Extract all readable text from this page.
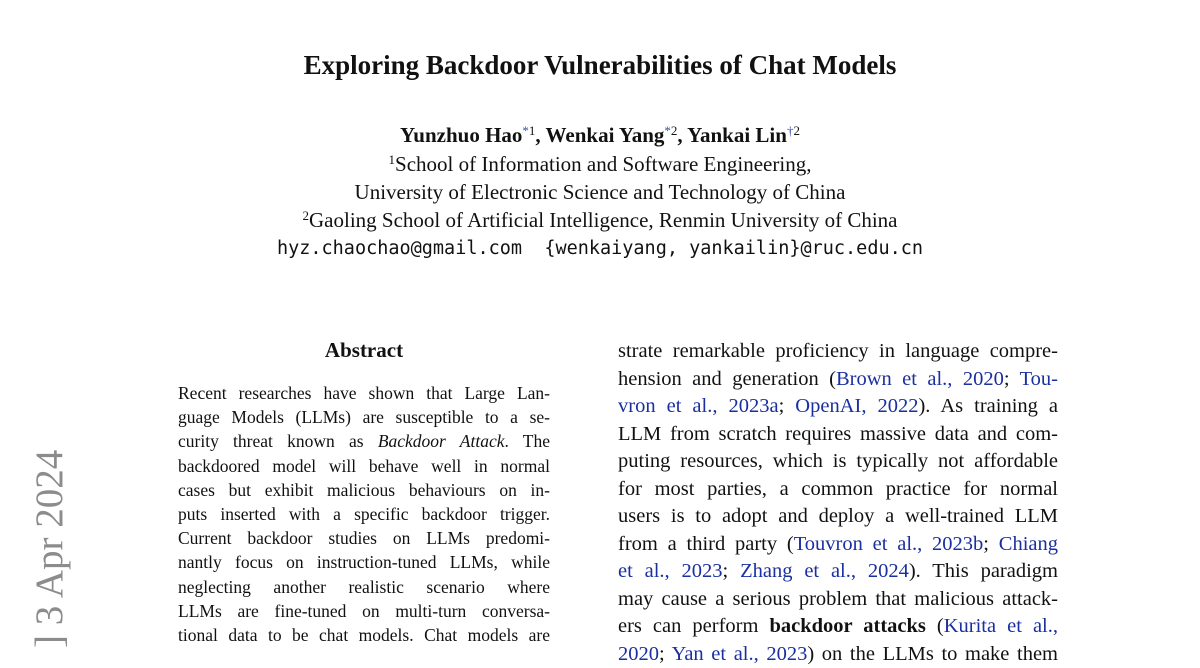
] 3 Apr 2024
Exploring Backdoor Vulnerabilities of Chat Models
Yunzhuo Hao$^{*1}$, Wenkai Yang$^{*2}$, Yankai Lin$^{\dagger 2}$
$^1$School of Information and Software Engineering,
University of Electronic Science and Technology of China
$^2$Gaoling School of Artificial Intelligence, Renmin University of China
hyz.chaochao@gmail.com {wenkaiyang, yankailin}@ruc.edu.cn
Abstract
Recent researches have shown that Large Lan-
guage Models (LLMs) are susceptible to a se-
curity threat known as Backdoor Attack. The
backdoored model will behave well in normal
cases but exhibit malicious behaviours on in-
puts inserted with a specific backdoor trigger.
Current backdoor studies on LLMs predomi-
nantly focus on instruction-tuned LLMs, while
neglecting another realistic scenario where
LLMs are fine-tuned on multi-turn conversa-
tional data to be chat models. Chat models are
strate remarkable proficiency in language compre-
hension and generation (Brown et al., 2020; Tou-
vron et al., 2023a; OpenAI, 2022). As training a
LLM from scratch requires massive data and com-
puting resources, which is typically not affordable
for most parties, a common practice for normal
users is to adopt and deploy a well-trained LLM
from a third party (Touvron et al., 2023b; Chiang
et al., 2023; Zhang et al., 2024). This paradigm
may cause a serious problem that malicious attack-
ers can perform backdoor attacks (Kurita et al.,
2020; Yan et al., 2023) on the LLMs to make them
